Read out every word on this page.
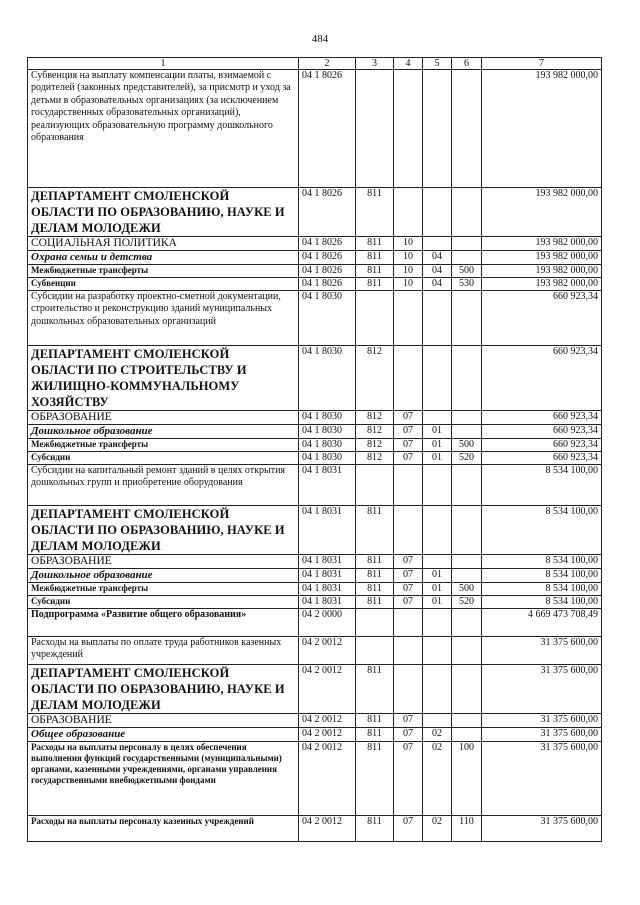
484
1	2	3	4	5	6	7
Субвенция на выплату компенсации платы, взимаемой с родителей (законных представителей), за присмотр и уход за детьми в образовательных организациях (за исключением государственных образовательных организаций), реализующих образовательную программу дошкольного образования	04 1 8026					193 982 000,00
ДЕПАРТАМЕНТ СМОЛЕНСКОЙ ОБЛАСТИ ПО ОБРАЗОВАНИЮ, НАУКЕ И ДЕЛАМ МОЛОДЕЖИ	04 1 8026	811				193 982 000,00
СОЦИАЛЬНАЯ ПОЛИТИКА	04 1 8026	811	10			193 982 000,00
Охрана семьи и детства	04 1 8026	811	10	04		193 982 000,00
Межбюджетные трансферты	04 1 8026	811	10	04	500	193 982 000,00
Субвенции	04 1 8026	811	10	04	530	193 982 000,00
Субсидии на разработку проектно-сметной документации, строительство и реконструкцию зданий муниципальных дошкольных образовательных организаций	04 1 8030					660 923,34
ДЕПАРТАМЕНТ СМОЛЕНСКОЙ ОБЛАСТИ ПО СТРОИТЕЛЬСТВУ И ЖИЛИЩНО-КОММУНАЛЬНОМУ ХОЗЯЙСТВУ	04 1 8030	812				660 923,34
ОБРАЗОВАНИЕ	04 1 8030	812	07			660 923,34
Дошкольное образование	04 1 8030	812	07	01		660 923,34
Межбюджетные трансферты	04 1 8030	812	07	01	500	660 923,34
Субсидии	04 1 8030	812	07	01	520	660 923,34
Субсидии на капитальный ремонт зданий в целях открытия дошкольных групп и приобретение оборудования	04 1 8031					8 534 100,00
ДЕПАРТАМЕНТ СМОЛЕНСКОЙ ОБЛАСТИ ПО ОБРАЗОВАНИЮ, НАУКЕ И ДЕЛАМ МОЛОДЕЖИ	04 1 8031	811				8 534 100,00
ОБРАЗОВАНИЕ	04 1 8031	811	07			8 534 100,00
Дошкольное образование	04 1 8031	811	07	01		8 534 100,00
Межбюджетные трансферты	04 1 8031	811	07	01	500	8 534 100,00
Субсидии	04 1 8031	811	07	01	520	8 534 100,00
Подпрограмма «Развитие общего образования»	04 2 0000					4 669 473 708,49
Расходы на выплаты по оплате труда работников казенных учреждений	04 2 0012					31 375 600,00
ДЕПАРТАМЕНТ СМОЛЕНСКОЙ ОБЛАСТИ ПО ОБРАЗОВАНИЮ, НАУКЕ И ДЕЛАМ МОЛОДЕЖИ	04 2 0012	811				31 375 600,00
ОБРАЗОВАНИЕ	04 2 0012	811	07			31 375 600,00
Общее образование	04 2 0012	811	07	02		31 375 600,00
Расходы на выплаты персоналу в целях обеспечения выполнения функций государственными (муниципальными) органами, казенными учреждениями, органами управления государственными внебюджетными фондами	04 2 0012	811	07	02	100	31 375 600,00
Расходы на выплаты персоналу казенных учреждений	04 2 0012	811	07	02	110	31 375 600,00
